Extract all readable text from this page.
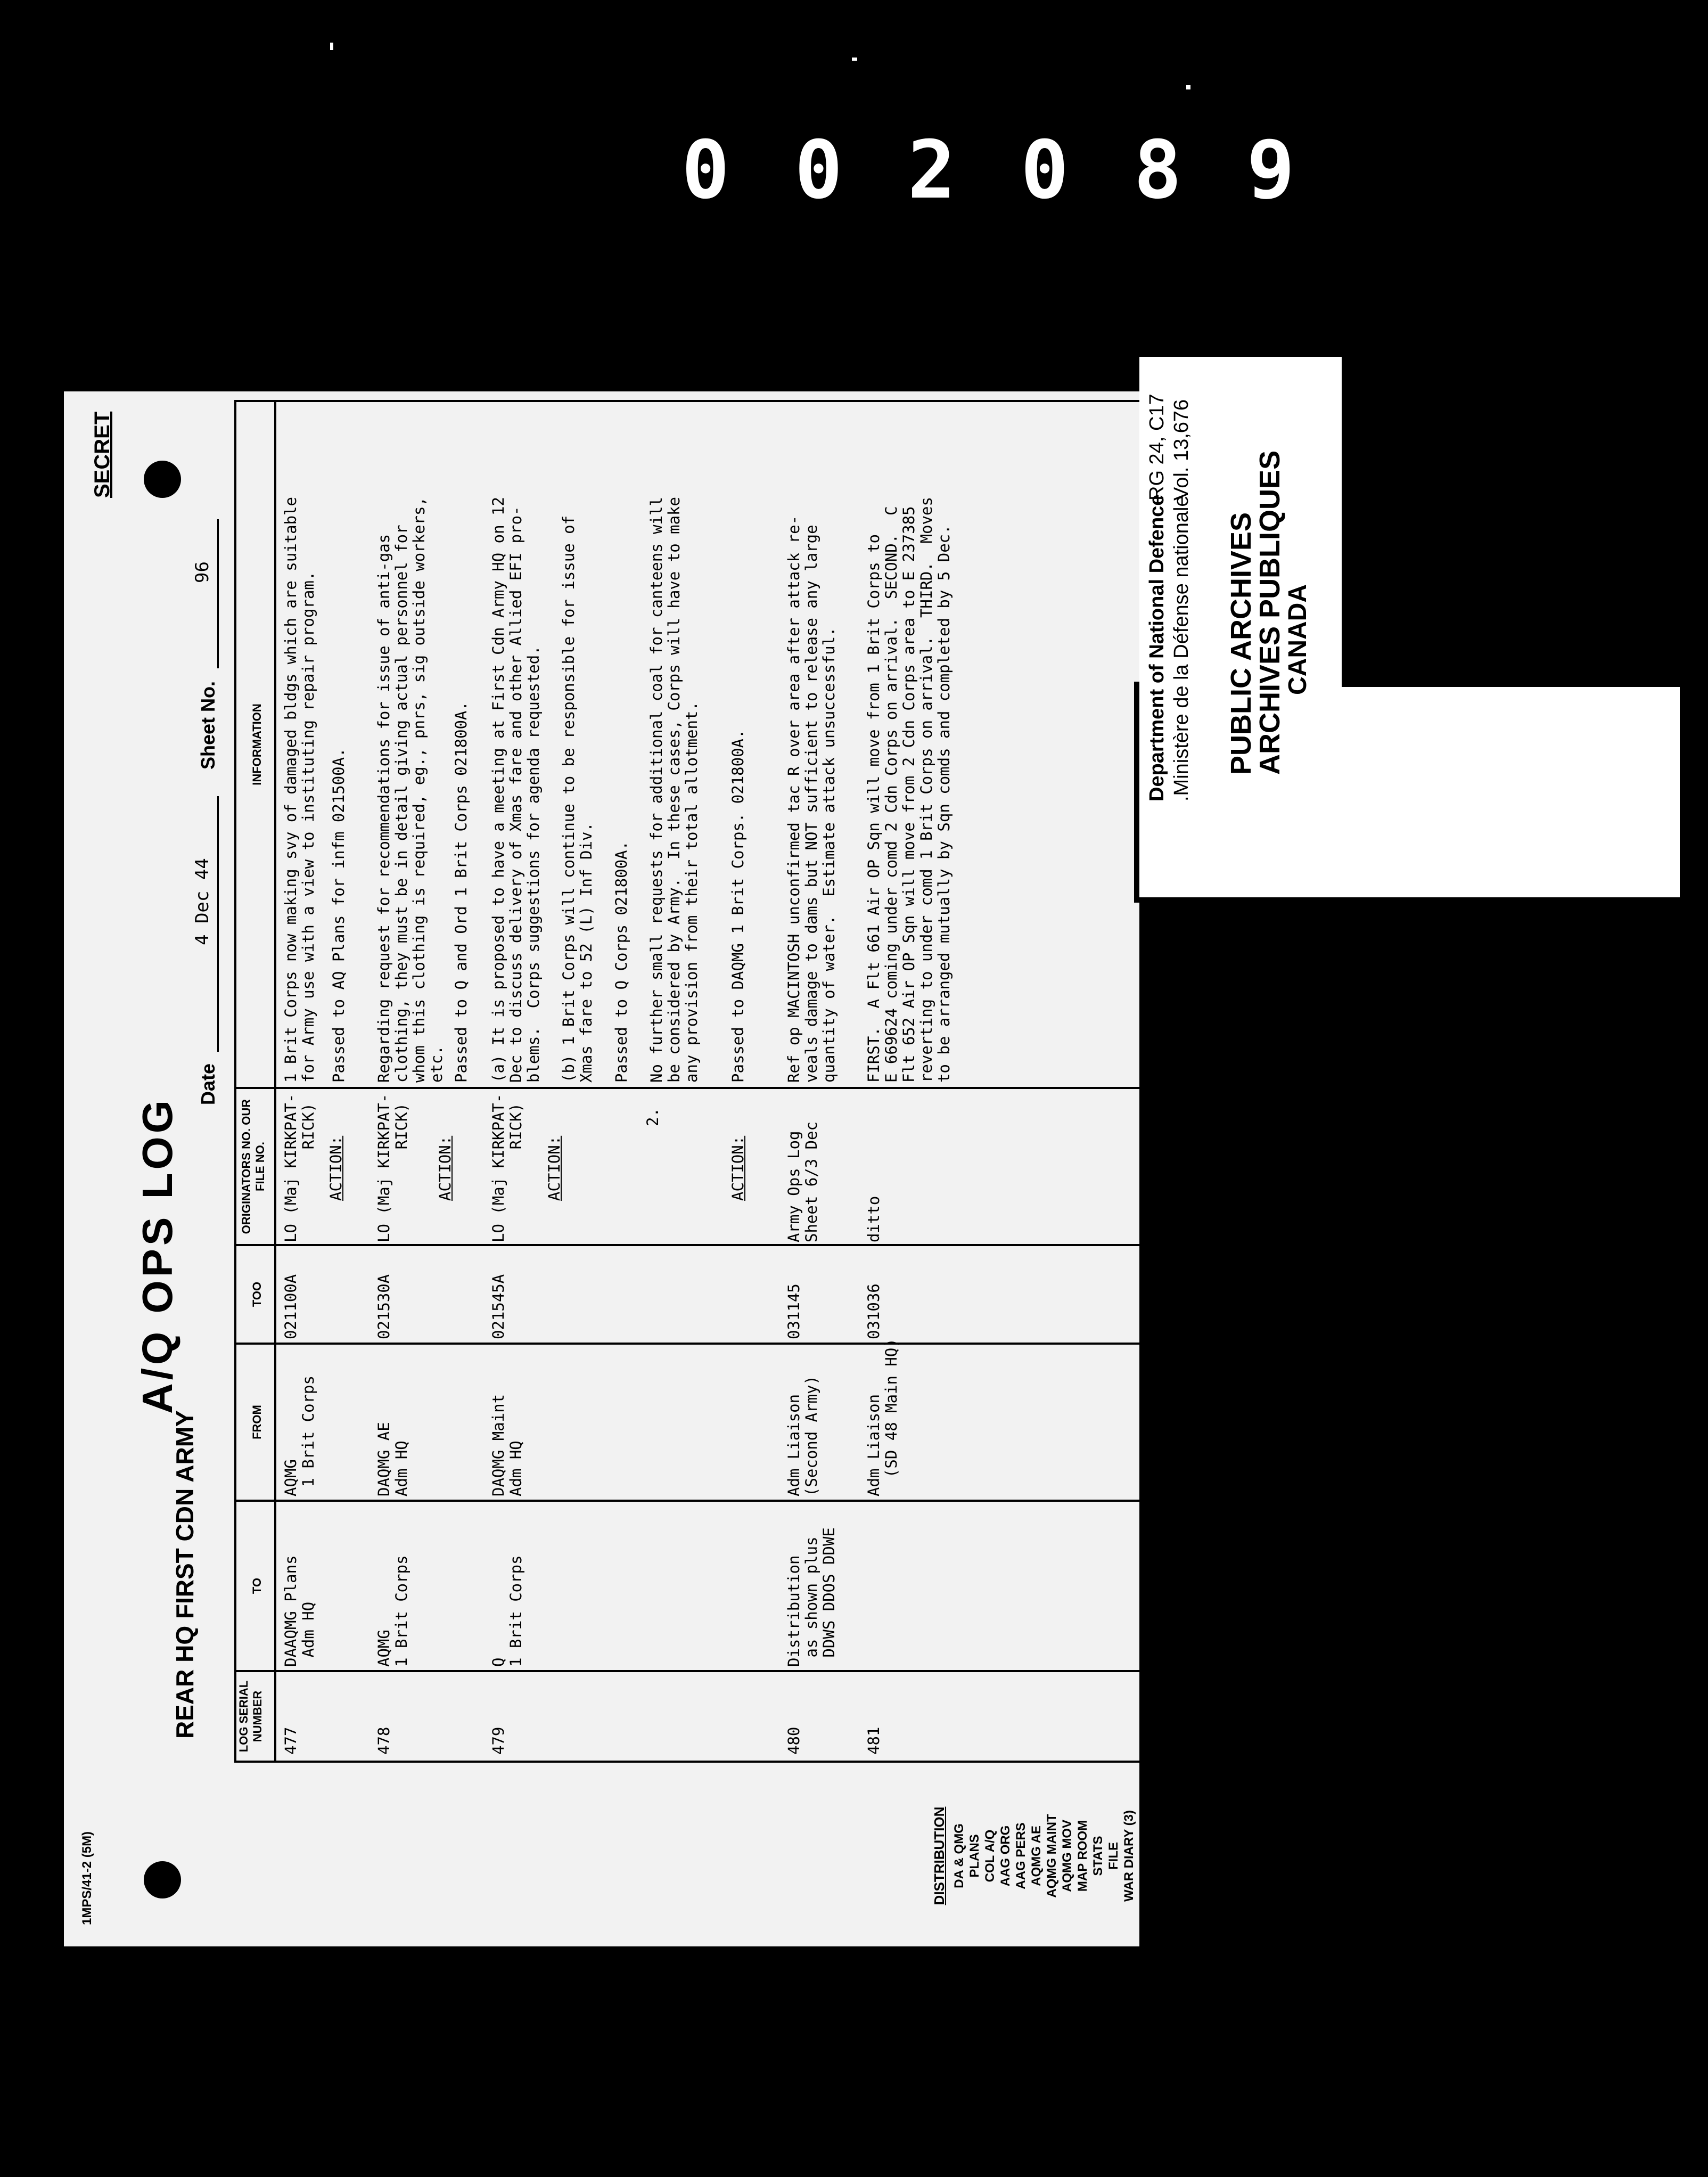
002089
1MPS/41-2 (5M)
A/Q OPS LOG
SECRET
REAR HQ FIRST CDN ARMY
Date
4 Dec 44
Sheet No.
96
LOG SERIAL NUMBER
TO
FROM
TOO
ORIGINATORS NO. OUR FILE NO.
INFORMATION
DISTRIBUTION DA & QMG PLANS COL A/Q AAG ORG AAG PERS AQMG AE AQMG MAINT AQMG MOV MAP ROOM STATS FILE WAR DIARY (3)
477
DAAQMG Plans
Adm HQ
AQMG
1 Brit Corps
021100A
LO (Maj KIRKPAT-
RICK)
ACTION:
1 Brit Corps now making svy of damaged bldgs which are suitable
for Army use with a view to instituting repair program.
Passed to AQ Plans for infm 021500A.
478
AQMG
1 Brit Corps
DAQMG AE
Adm HQ
021530A
LO (Maj KIRKPAT-
RICK)
ACTION:
Regarding request for recommendations for issue of anti-gas
clothing, they must be in detail giving actual personnel for
whom this clothing is required, eg., pnrs, sig outside workers,
etc. Passed to Q and Ord 1 Brit Corps 021800A.
479
Q
1 Brit Corps
DAQMG Maint
Adm HQ
021545A
LO (Maj KIRKPAT-
RICK)
ACTION:
2.
ACTION:
(a) It is proposed to have a meeting at First Cdn Army HQ on 12
Dec to discuss delivery of Xmas fare and other Allied EFI pro-
blems.  Corps suggestions for agenda requested.

(b) 1 Brit Corps will continue to be responsible for issue of
Xmas fare to 52 (L) Inf Div.

Passed to Q Corps 021800A.

No further small requests for additional coal for canteens will
be considered by Army.  In these cases, Corps will have to make
any provision from their total allotment. Passed to DAQMG 1 Brit Corps. 021800A.
480
Distribution
as shown plus
DDWS DDOS DDWE
Adm Liaison
(Second Army)
031145
Army Ops Log
Sheet 6/3 Dec
Ref op MACINTOSH unconfirmed tac R over area after attack re-
veals damage to dams but NOT sufficient to release any large
quantity of water.  Estimate attack unsuccessful.
481
Adm Liaison
(SD 48 Main HQ)
031036
ditto
FIRST.  A Flt 661 Air OP Sqn will move from 1 Brit Corps to
E 669624 coming under comd 2 Cdn Corps on arrival.  SECOND.  C
Flt 652 Air OP Sqn will move from 2 Cdn Corps area to E 237385
reverting to under comd 1 Brit Corps on arrival.  THIRD.  Moves
to be arranged mutually by Sqn comds and completed by 5 Dec.	Department of National Defence .Ministère de la Défense nationale
RG 24, C17 Vol. 13,676
PUBLIC ARCHIVES
ARCHIVES PUBLIQUES
CANADA
